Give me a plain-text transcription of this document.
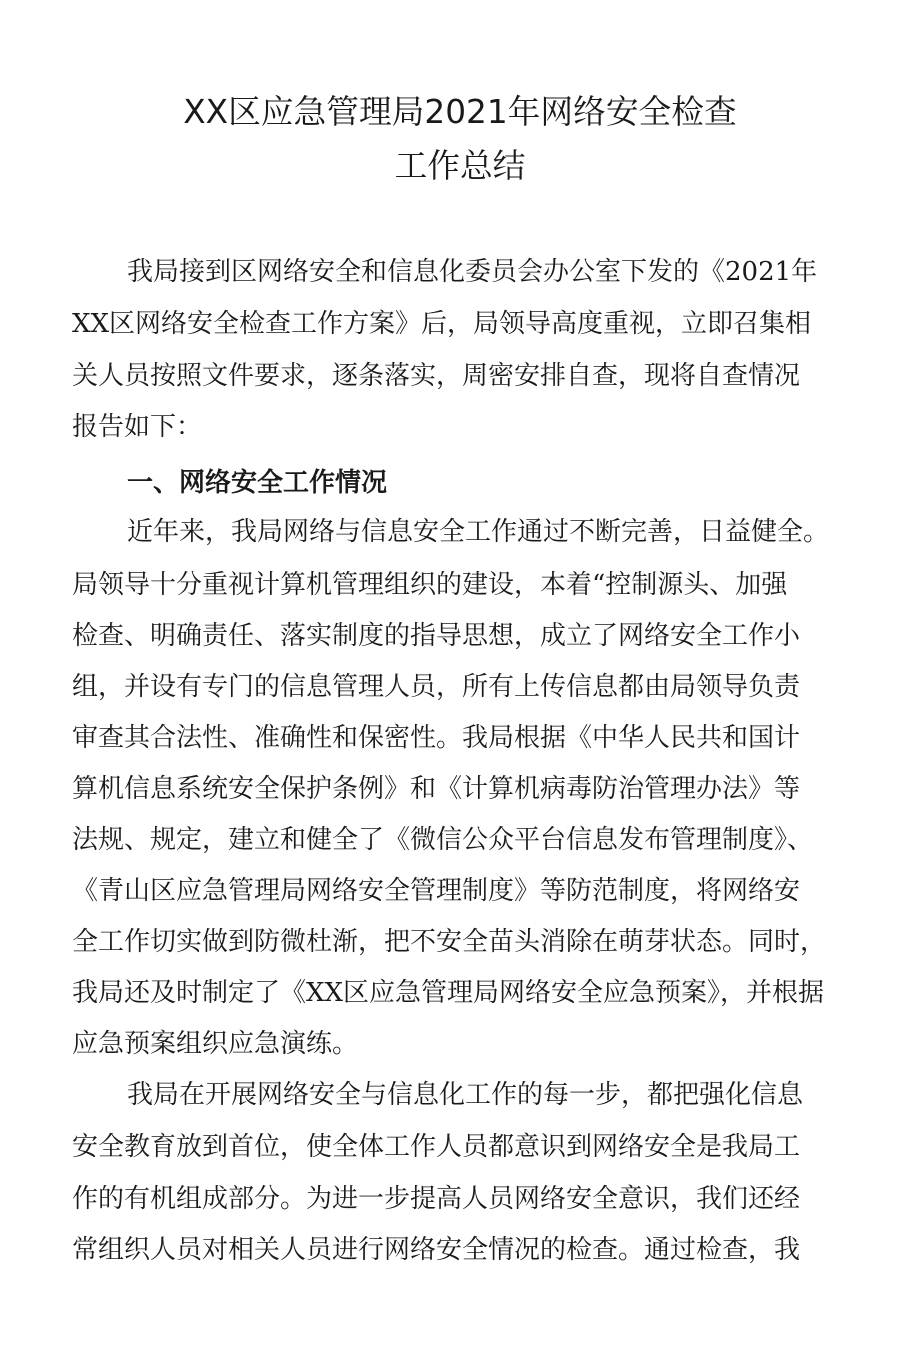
XX区应急管理局2021年网络安全检查
工作总结

我局接到区网络安全和信息化委员会办公室下发的《2021年

XX区网络安全检查工作方案》后，局领导高度重视，立即召集相

关人员按照文件要求，逐条落实，周密安排自查，现将自查情况

报告如下：

一、网络安全工作情况

近年来，我局网络与信息安全工作通过不断完善，日益健全。

局领导十分重视计算机管理组织的建设，本着“控制源头、加强

检查、明确责任、落实制度的指导思想，成立了网络安全工作小

组，并设有专门的信息管理人员，所有上传信息都由局领导负责

审查其合法性、准确性和保密性。我局根据《中华人民共和国计

算机信息系统安全保护条例》和《计算机病毒防治管理办法》等

法规、规定，建立和健全了《微信公众平台信息发布管理制度》、

《青山区应急管理局网络安全管理制度》等防范制度，将网络安

全工作切实做到防微杜渐，把不安全苗头消除在萌芽状态。同时，

我局还及时制定了《XX区应急管理局网络安全应急预案》，并根据

应急预案组织应急演练。

我局在开展网络安全与信息化工作的每一步，都把强化信息

安全教育放到首位，使全体工作人员都意识到网络安全是我局工

作的有机组成部分。为进一步提高人员网络安全意识，我们还经

常组织人员对相关人员进行网络安全情况的检查。通过检查，我
